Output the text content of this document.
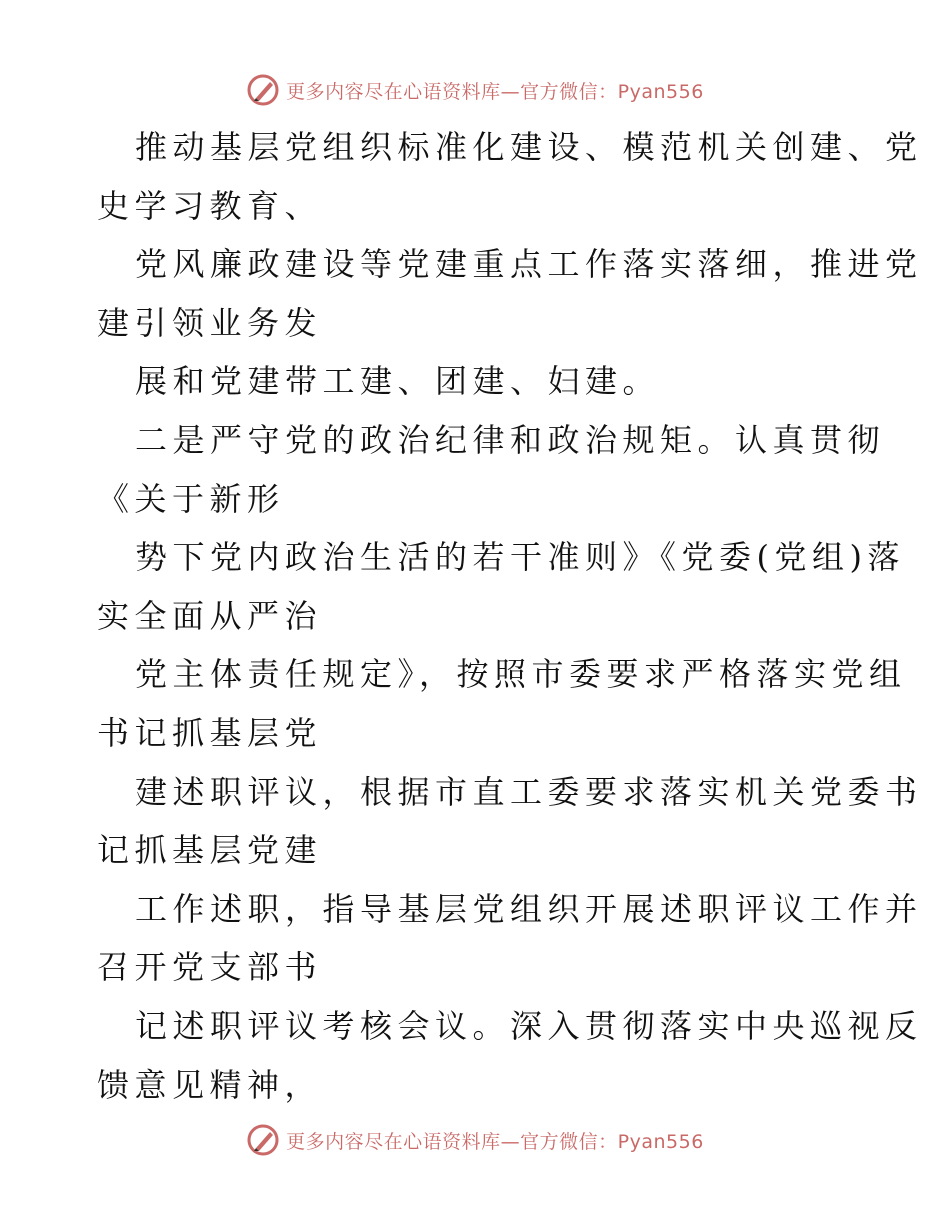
更多内容尽在心语资料库—官方微信：Pyan556
推动基层党组织标准化建设、模范机关创建、党
史学习教育、
党风廉政建设等党建重点工作落实落细，推进党
建引领业务发
展和党建带工建、团建、妇建。
二是严守党的政治纪律和政治规矩。认真贯彻
《关于新形
势下党内政治生活的若干准则》《党委(党组)落
实全面从严治
党主体责任规定》，按照市委要求严格落实党组
书记抓基层党
建述职评议，根据市直工委要求落实机关党委书
记抓基层党建
工作述职，指导基层党组织开展述职评议工作并
召开党支部书
记述职评议考核会议。深入贯彻落实中央巡视反
馈意见精神，
更多内容尽在心语资料库—官方微信：Pyan556
